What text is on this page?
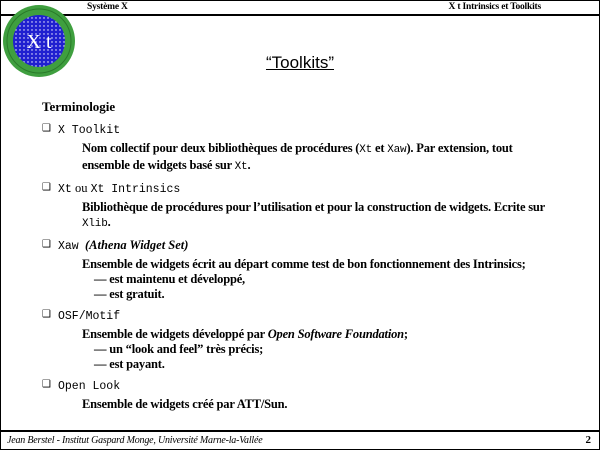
Système X	X t Intrinsics et Toolkits
X t
“Toolkits”
Terminologie
❑ X Toolkit
Nom collectif pour deux bibliothèques de procédures (Xt et Xaw). Par extension, tout
ensemble de widgets basé sur Xt.
❑ Xt ou Xt Intrinsics
Bibliothèque de procédures pour l’utilisation et pour la construction de widgets. Ecrite sur
Xlib.
❑ Xaw (Athena Widget Set)
Ensemble de widgets écrit au départ comme test de bon fonctionnement des Intrinsics;

— est maintenu et développé,
— est gratuit.
❑ OSF/Motif
Ensemble de widgets développé par Open Software Foundation;

— un “look and feel” très précis;
— est payant.
❑ Open Look
Ensemble de widgets créé par ATT/Sun.
Jean Berstel - Institut Gaspard Monge, Université Marne-la-Vallée	2
